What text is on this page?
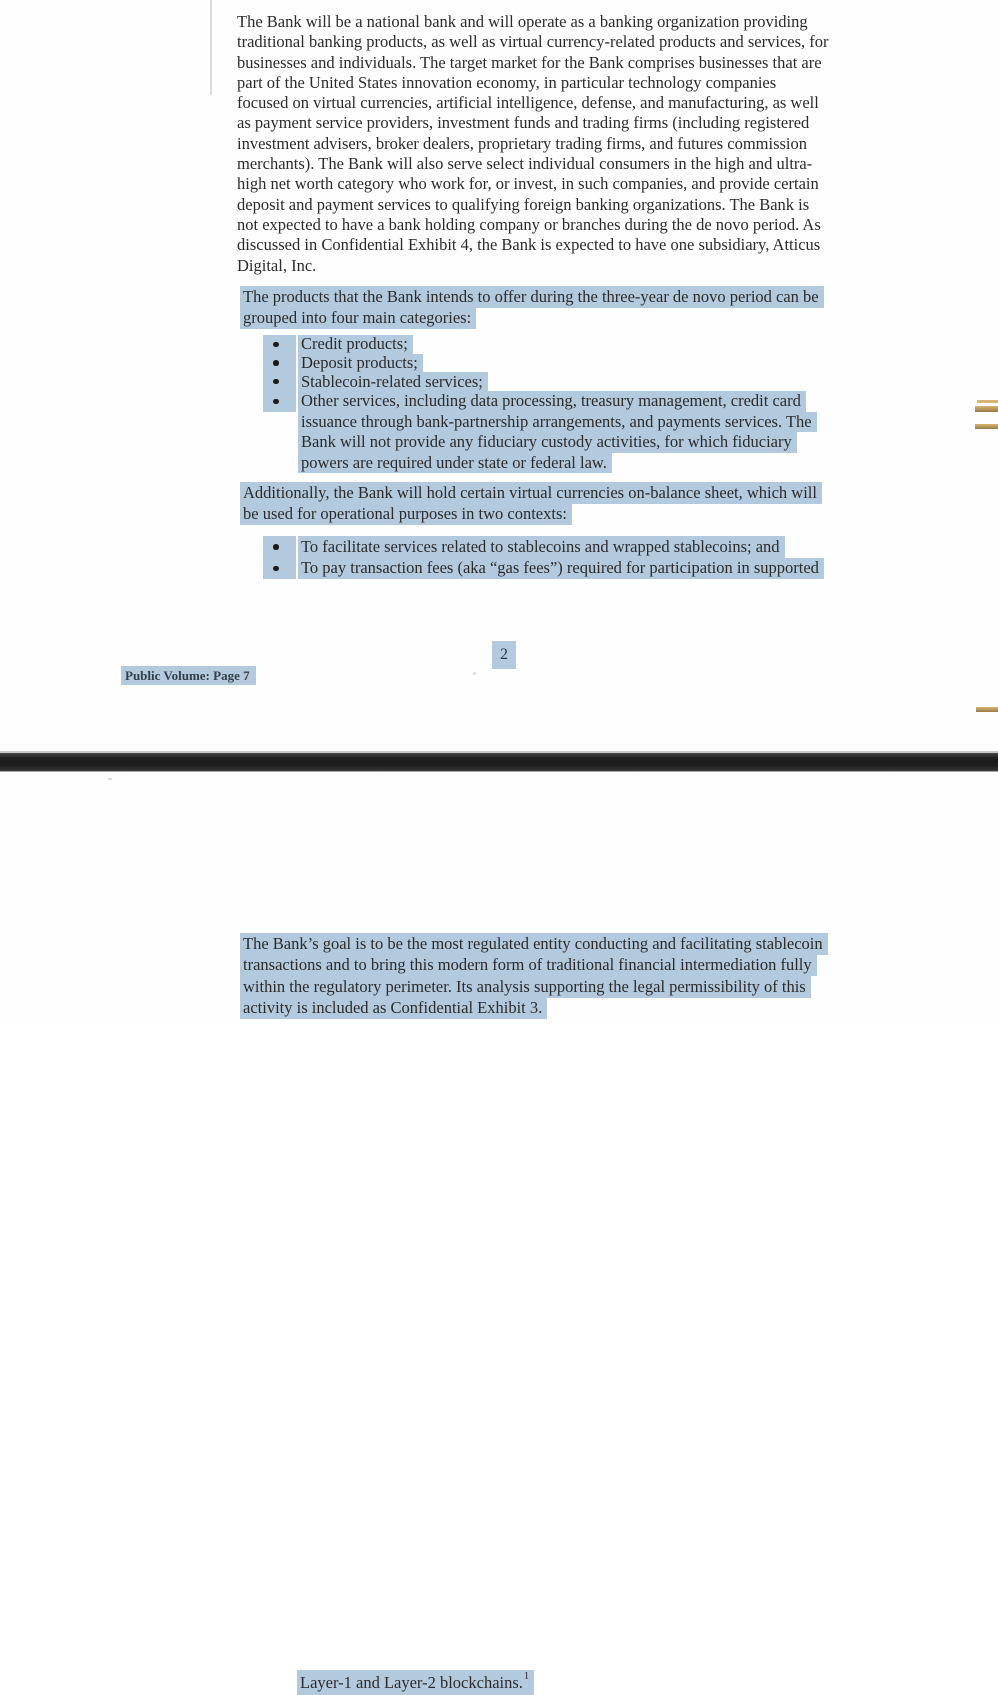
The Bank will be a national bank and will operate as a banking organization providing
traditional banking products, as well as virtual currency-related products and services, for
businesses and individuals. The target market for the Bank comprises businesses that are
part of the United States innovation economy, in particular technology companies
focused on virtual currencies, artificial intelligence, defense, and manufacturing, as well
as payment service providers, investment funds and trading firms (including registered
investment advisers, broker dealers, proprietary trading firms, and futures commission
merchants). The Bank will also serve select individual consumers in the high and ultra-
high net worth category who work for, or invest, in such companies, and provide certain
deposit and payment services to qualifying foreign banking organizations. The Bank is
not expected to have a bank holding company or branches during the de novo period. As
discussed in Confidential Exhibit 4, the Bank is expected to have one subsidiary, Atticus
Digital, Inc.
The products that the Bank intends to offer during the three-year de novo period can be
grouped into four main categories:
Credit products;
Deposit products;
Stablecoin-related services;
Other services, including data processing, treasury management, credit card
issuance through bank-partnership arrangements, and payments services. The
Bank will not provide any fiduciary custody activities, for which fiduciary
powers are required under state or federal law.
Additionally, the Bank will hold certain virtual currencies on-balance sheet, which will
be used for operational purposes in two contexts:
To facilitate services related to stablecoins and wrapped stablecoins; and
To pay transaction fees (aka “gas fees”) required for participation in supported
2
Public Volume: Page 7
Layer-1 and Layer-2 blockchains.$^1$
The Bank’s goal is to be the most regulated entity conducting and facilitating stablecoin
transactions and to bring this modern form of traditional financial intermediation fully
within the regulatory perimeter. Its analysis supporting the legal permissibility of this
activity is included as Confidential Exhibit 3.
